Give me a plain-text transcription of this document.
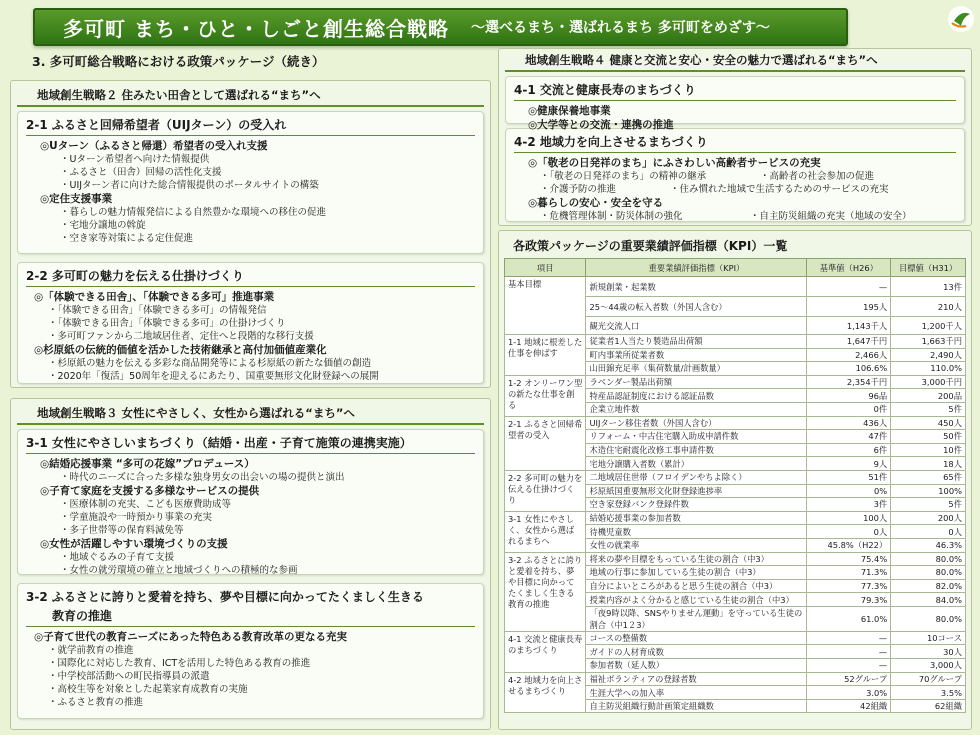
多可町 まち・ひと・しごと創生総合戦略 ～選べるまち・選ばれるまち 多可町をめざす～
3. 多可町総合戦略における政策パッケージ（続き）
地域創生戦略２ 住みたい田舎として選ばれる“まち”へ
2-1 ふるさと回帰希望者（UIJターン）の受入れ
◎Uターン（ふるさと帰還）希望者の受入れ支援
・Uターン希望者へ向けた情報提供
・ふるさと（田舎）回帰の活性化支援
・UIJターン者に向けた総合情報提供のポータルサイトの構築
◎定住支援事業
・暮らしの魅力情報発信による自然豊かな環境への移住の促進
・宅地分譲地の斡旋
・空き家等対策による定住促進
2-2 多可町の魅力を伝える仕掛けづくり
◎「体験できる田舎」、「体験できる多可」推進事業
・「体験できる田舎」「体験できる多可」の情報発信
・「体験できる田舎」「体験できる多可」の仕掛けづくり
・多可町ファンから二地域居住者、定住へと段階的な移行支援
◎杉原紙の伝統的価値を活かした技術継承と高付加価値産業化
・杉原紙の魅力を伝える多彩な商品開発等による杉原紙の新たな価値の創造
・2020年「復活」50周年を迎えるにあたり、国重要無形文化財登録への展開
地域創生戦略３ 女性にやさしく、女性から選ばれる“まち”へ
3-1 女性にやさしいまちづくり（結婚・出産・子育て施策の連携実施）
◎結婚応援事業 “多可の花嫁”プロデュース）
・時代のニーズに合った多様な独身男女の出会いの場の提供と演出
◎子育て家庭を支援する多様なサービスの提供
・医療体制の充実、こども医療費助成等
・学童施設や一時預かり事業の充実
・多子世帯等の保育料減免等
◎女性が活躍しやすい環境づくりの支援
・地域ぐるみの子育て支援
・女性の就労環境の確立と地域づくりへの積極的な参画
3-2 ふるさとに誇りと愛着を持ち、夢や目標に向かってたくましく生きる
教育の推進
◎子育て世代の教育ニーズにあった特色ある教育改革の更なる充実
・就学前教育の推進
・国際化に対応した教育、ICTを活用した特色ある教育の推進
・中学校部活動への町民指導員の派遣
・高校生等を対象とした起業家育成教育の実施
・ふるさと教育の推進
地域創生戦略４ 健康と交流と安心・安全の魅力で選ばれる“まち”へ
4-1 交流と健康長寿のまちづくり
◎健康保養地事業
◎大学等との交流・連携の推進
4-2 地域力を向上させるまちづくり
◎「敬老の日発祥のまち」にふさわしい高齢者サービスの充実
・「敬老の日発祥のまち」の精神の継承	・高齢者の社会参加の促進
・介護予防の推進	・住み慣れた地域で生活するためのサービスの充実
◎暮らしの安心・安全を守る
・危機管理体制・防災体制の強化	・自主防災組織の充実（地域の安全）
各政策パッケージの重要業績評価指標（KPI）一覧
項目	重要業績評価指標（KPI）	基準値（H26）	目標値（H31）
基本目標	新規創業・起業数	—	13件
	25～44歳の転入者数（外国人含む）	195人	210人
	観光交流人口	1,143千人	1,200千人
1-1 地域に根差した仕事を伸ばす	従業者1人当たり製造品出荷額	1,647千円	1,663千円
	町内事業所従業者数	2,466人	2,490人
	山田錦充足率（集荷数量/計画数量）	106.6%	110.0%
1-2 オンリーワン型の新たな仕事を創る	ラベンダー製品出荷額	2,354千円	3,000千円
	特産品認証制度における認証品数	96品	200品
	企業立地件数	0件	5件
2-1 ふるさと回帰希望者の受入	UIJターン移住者数（外国人含む）	436人	450人
	リフォーム・中古住宅購入助成申請件数	47件	50件
	木造住宅耐震化改修工事申請件数	6件	10件
	宅地分譲購入者数（累計）	9人	18人
2-2 多可町の魅力を伝える仕掛けづくり	二地域居住世帯（フロイデンやちよ除く）	51件	65件
	杉原紙国重要無形文化財登録進捗率	0%	100%
	空き家登録バンク登録件数	3件	5件
3-1 女性にやさしく、女性から選ばれるまちへ	結婚応援事業の参加者数	100人	200人
	待機児童数	0人	0人
	女性の就業率	45.8%（H22）	46.3%
3-2 ふるさとに誇りと愛着を持ち、夢や目標に向かってたくましく生きる教育の推進	将来の夢や目標をもっている生徒の割合（中3）	75.4%	80.0%
	地域の行事に参加している生徒の割合（中3）	71.3%	80.0%
	自分によいところがあると思う生徒の割合（中3）	77.3%	82.0%
	授業内容がよく分かると感じている生徒の割合（中3）	79.3%	84.0%
	「夜9時以降、SNSやりません運動」を守っている生徒の割合（中1２3）	61.0%	80.0%
4-1 交流と健康長寿のまちづくり	コースの整備数	—	10コース
	ガイドの人材育成数	—	30人
	参加者数（延人数）	—	3,000人
4-2 地域力を向上させるまちづくり	福祉ボランティアの登録者数	52グループ	70グループ
	生涯大学への加入率	3.0%	3.5%
	自主防災組織行動計画策定組織数	42組織	62組織
